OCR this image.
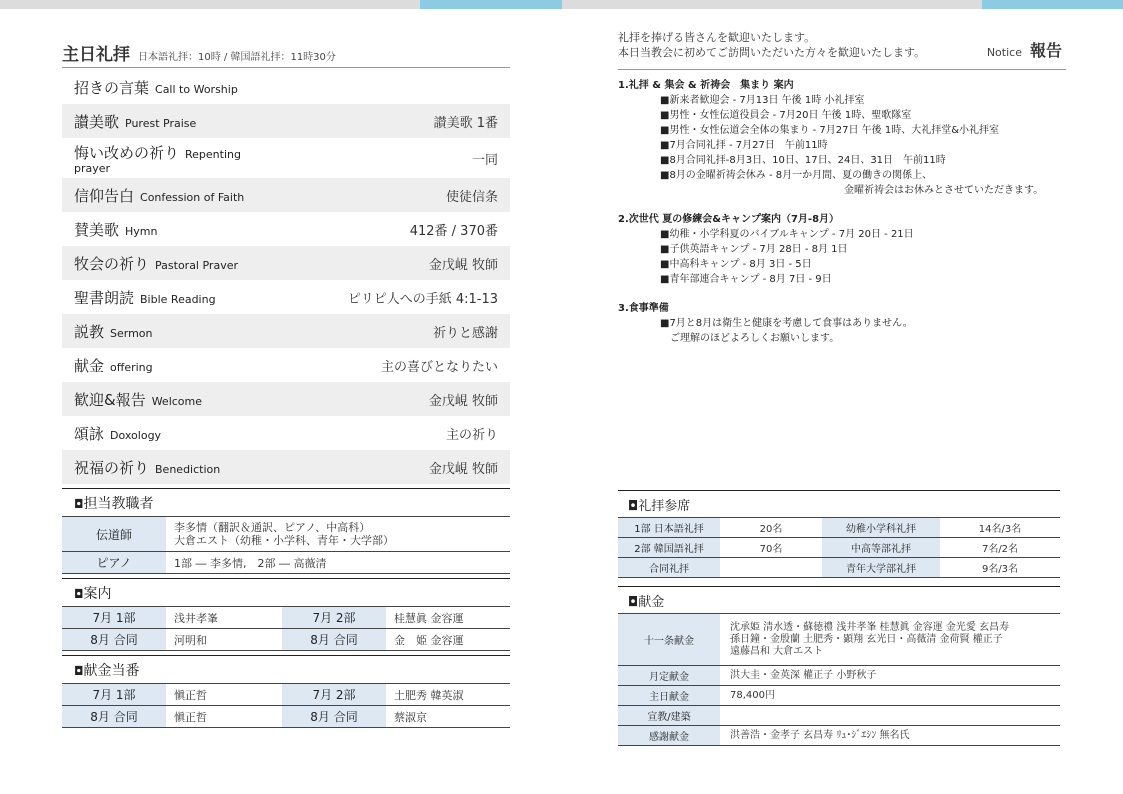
主日礼拝 日本語礼拝：10時 / 韓国語礼拝：11時30分
招きの言葉 Call to Worship
讃美歌 Purest Praise	讃美歌 1番
悔い改めの祈り Repenting
prayer
一同
信仰告白 Confession of Faith	使徒信条
賛美歌 Hymn	412番 / 370番
牧会の祈り Pastoral Praver	金戊峴 牧師
聖書朗読 Bible Reading	ピリピ人への手紙 4:1-13
説教 Sermon	祈りと感謝
献金 offering	主の喜びとなりたい
歓迎&報告 Welcome	金戊峴 牧師
頌詠 Doxology	主の祈り
祝福の祈り Benediction	金戊峴 牧師
◘担当教職者
伝道師	李多情（翻訳＆通訳、ピアノ、中高科）
大倉エスト（幼稚・小学科、青年・大学部）

ピアノ	1部 ― 李多情,　2部 ― 高薇清
◘案内
7月 1部	浅井孝峯	7月 2部	桂慧眞 金容運
8月 合同	河明和	8月 合同	金　姫 金容運
◘献金当番
7月 1部	愼正哲	7月 2部	土肥秀 韓英淑
8月 合同	愼正哲	8月 合同	蔡淑京
礼拝を捧げる皆さんを歓迎いたします。
本日当教会に初めてご訪問いただいた方々を歓迎いたします。	Notice 報告
1.礼拝 & 集会 & 祈祷会　集まり 案内
■新来者歓迎会 - 7月13日 午後 1時 小礼拝室
■男性・女性伝道役員会 - 7月20日 午後 1時、聖歌隊室
■男性・女性伝道会全体の集まり - 7月27日 午後 1時、大礼拝堂&小礼拝室
■7月合同礼拝 - 7月27日　午前11時
■8月合同礼拝-8月3日、10日、17日、24日、31日　午前11時
■8月の金曜祈祷会休み - 8月一か月間、夏の働きの関係上、
金曜祈祷会はお休みとさせていただきます。
2.次世代 夏の修練会&キャンプ案内（7月-8月）
■幼稚・小学科夏のバイブルキャンプ - 7月 20日 - 21日
■子供英語キャンプ - 7月 28日 - 8月 1日
■中高科キャンプ - 8月 3日 - 5日
■青年部連合キャンプ - 8月 7日 - 9日
3.食事準備
■7月と8月は衛生と健康を考慮して食事はありません。
ご理解のほどよろしくお願いします。
◘礼拝参席
1部 日本語礼拝	20名	幼稚小学科礼拝	14名/3名
2部 韓国語礼拝	70名	中高等部礼拝	7名/2名
合同礼拝		青年大学部礼拝	9名/3名
◘献金
十一条献金	沈承姫 清水透・蘇徳禮 浅井孝峯 桂慧眞 金容運 金光愛 玄昌寿
孫日鐘・金殷蘭 土肥秀・顕翔 玄光日・高薇清 金荷賢 權正子
遠藤昌和 大倉エスト

月定献金	洪大圭・金英深 權正子 小野秋子
主日献金	78,400円
宣教/建築	
感謝献金	洪善浩・金孝子 玄昌寿 ﾘｭ･ｼﾞｴｼﾝ 無名氏
